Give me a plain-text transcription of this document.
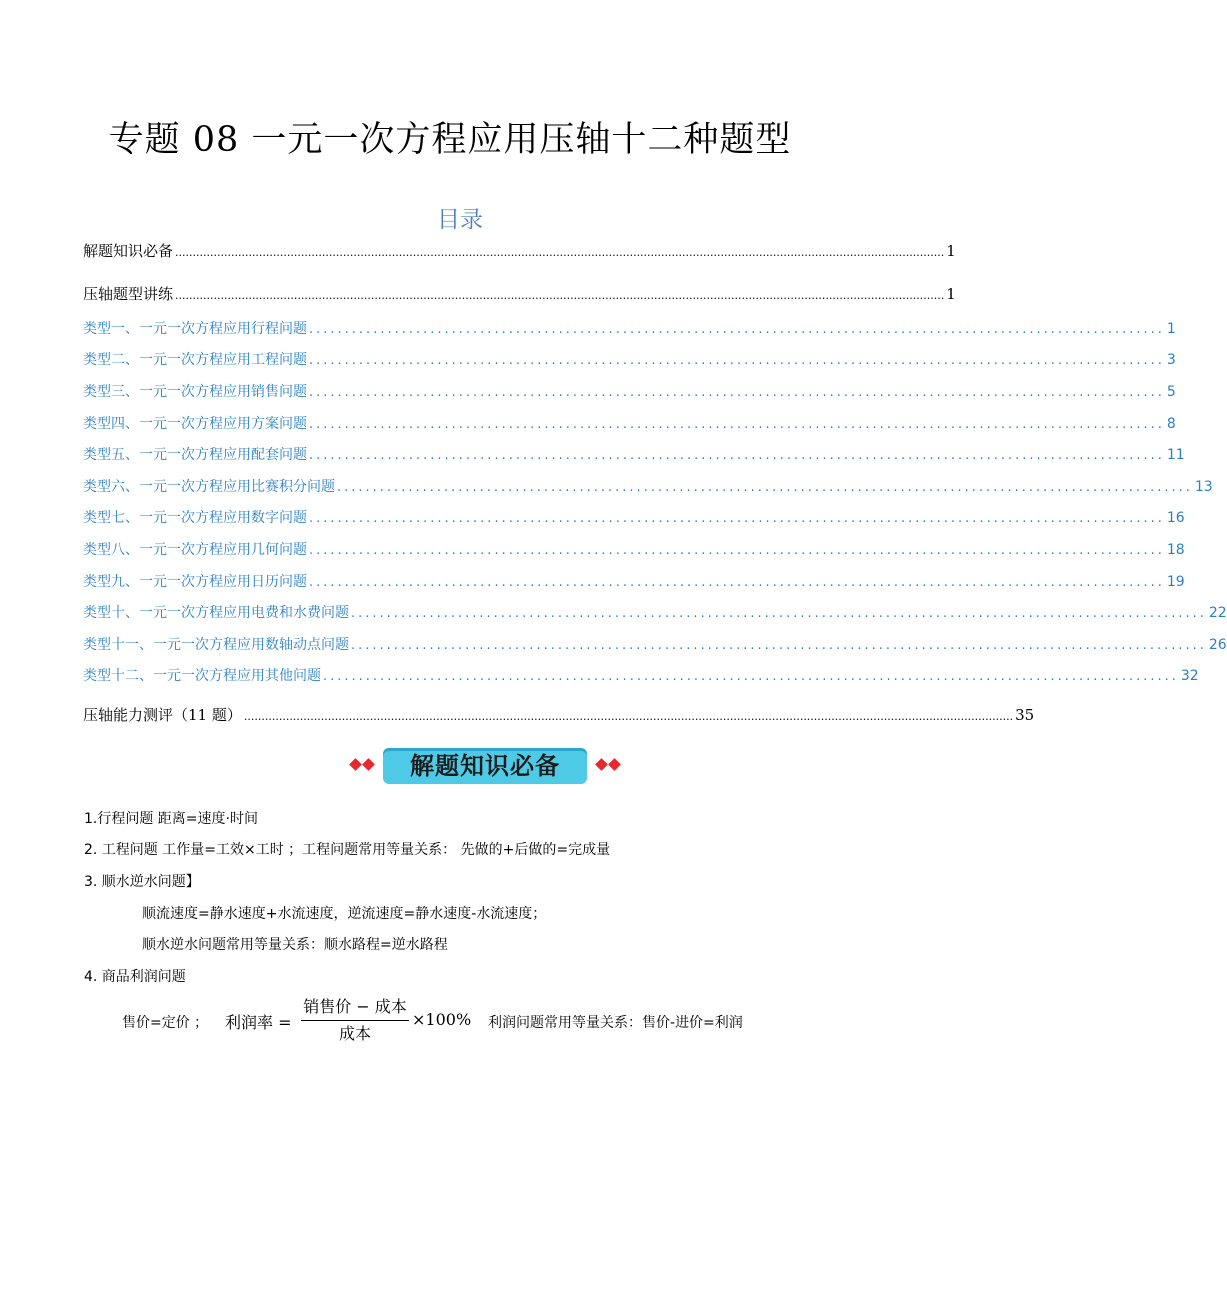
专题 08 一元一次方程应用压轴十二种题型
目录
解题知识必备 ............................................................................................................................................................................................................................ 1
压轴题型讲练 ............................................................................................................................................................................................................................ 1
类型一、一元一次方程应用行程问题 ........................................................................................................................ 1
类型二、一元一次方程应用工程问题 ........................................................................................................................ 3
类型三、一元一次方程应用销售问题 ........................................................................................................................ 5
类型四、一元一次方程应用方案问题 ........................................................................................................................ 8
类型五、一元一次方程应用配套问题 ........................................................................................................................ 11
类型六、一元一次方程应用比赛积分问题 ........................................................................................................................ 13
类型七、一元一次方程应用数字问题 ........................................................................................................................ 16
类型八、一元一次方程应用几何问题 ........................................................................................................................ 18
类型九、一元一次方程应用日历问题 ........................................................................................................................ 19
类型十、一元一次方程应用电费和水费问题 ........................................................................................................................ 22
类型十一、一元一次方程应用数轴动点问题 ........................................................................................................................ 26
类型十二、一元一次方程应用其他问题 ........................................................................................................................ 32
压轴能力测评（11 题） ............................................................................................................................................................................................................................ 35
解题知识必备
1.行程问题 距离=速度·时间
2. 工程问题 工作量=工效×工时 ；工程问题常用等量关系： 先做的+后做的=完成量
3. 顺水逆水问题】
顺流速度=静水速度+水流速度，逆流速度=静水速度-水流速度；
顺水逆水问题常用等量关系：顺水路程=逆水路程
4. 商品利润问题
售价=定价 ； 利润率 =
销售价 − 成本
成本
×100% 利润问题常用等量关系：售价-进价=利润
